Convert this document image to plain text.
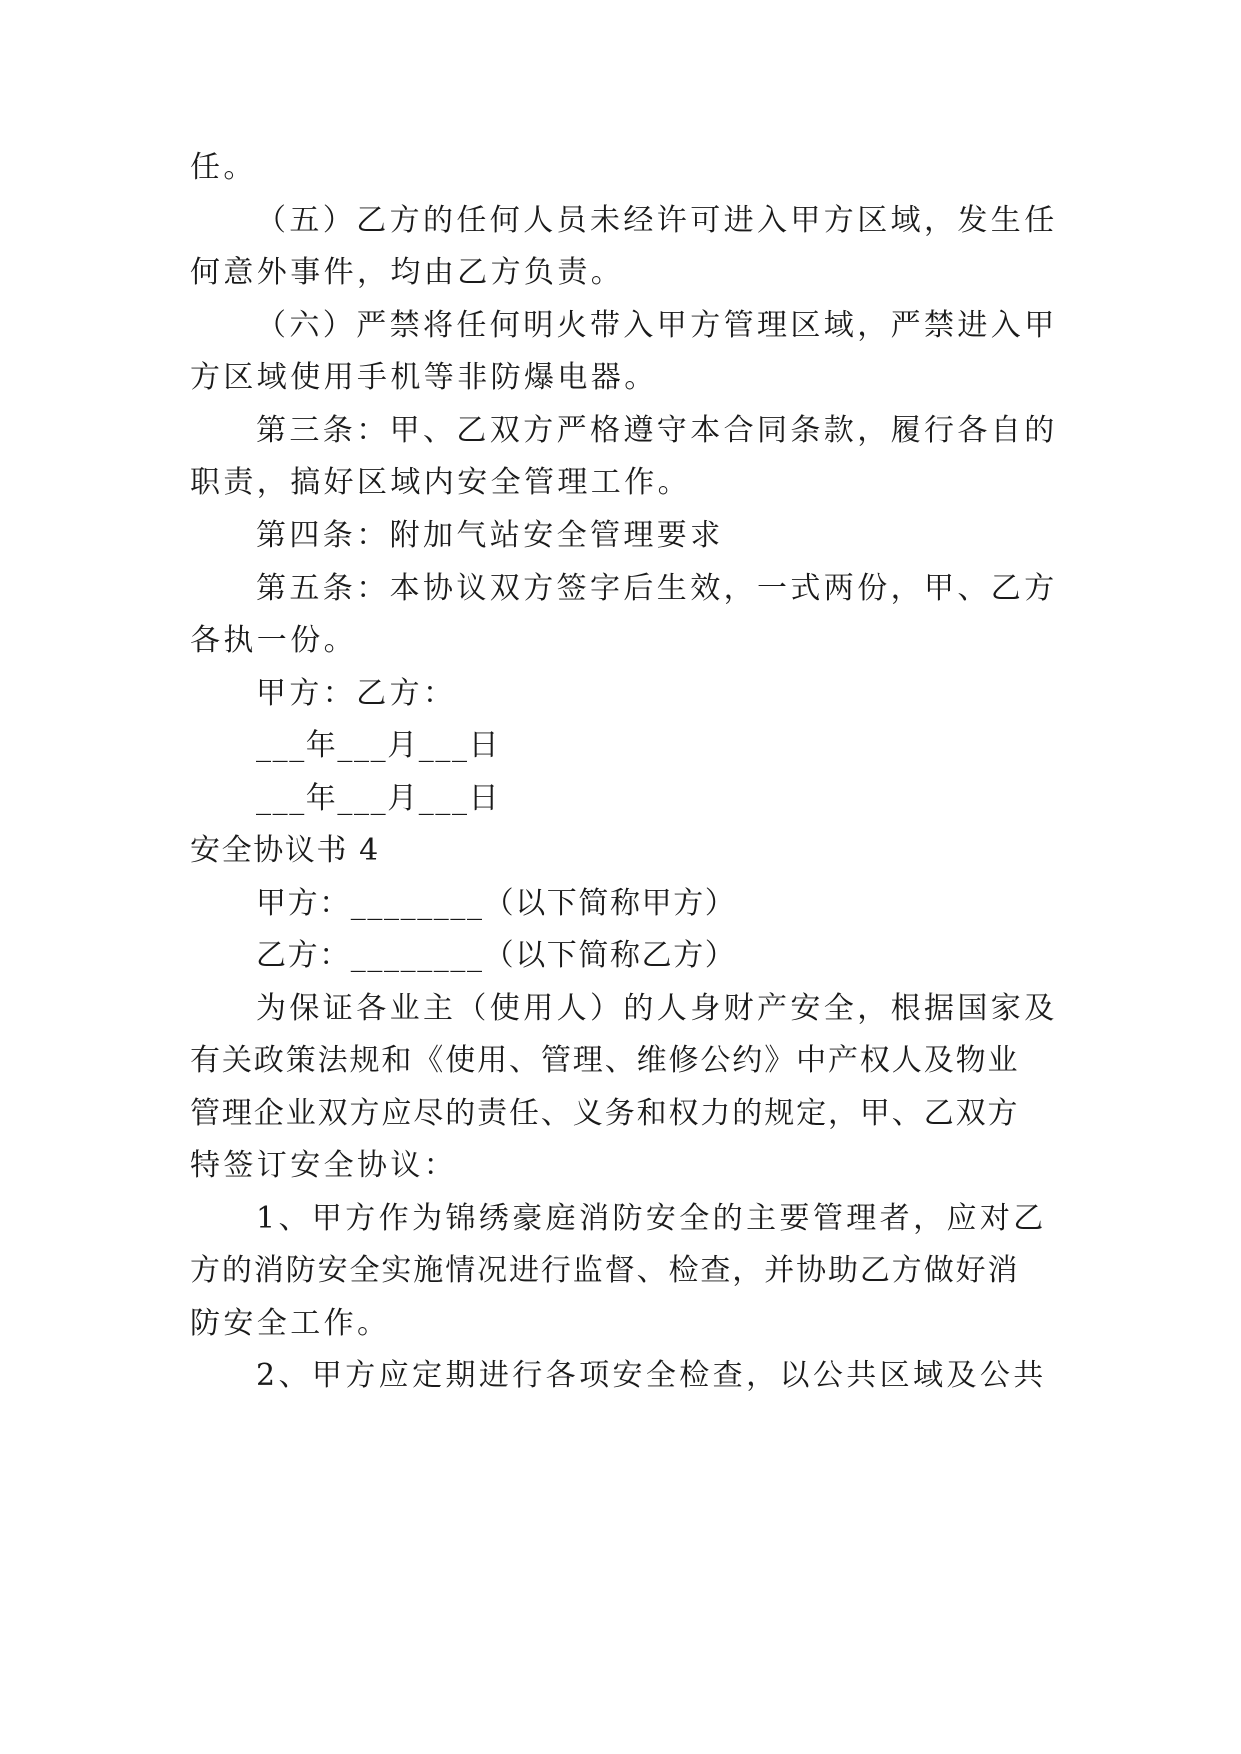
任。
（五）乙方的任何人员未经许可进入甲方区域，发生任
何意外事件，均由乙方负责。
（六）严禁将任何明火带入甲方管理区域，严禁进入甲
方区域使用手机等非防爆电器。
第三条：甲、乙双方严格遵守本合同条款，履行各自的
职责，搞好区域内安全管理工作。
第四条：附加气站安全管理要求
第五条：本协议双方签字后生效，一式两份，甲、乙方
各执一份。
甲方：乙方：
___年___月___日
___年___月___日
安全协议书 4
甲方：________（以下简称甲方）
乙方：________（以下简称乙方）
为保证各业主（使用人）的人身财产安全，根据国家及
有关政策法规和《使用、管理、维修公约》中产权人及物业
管理企业双方应尽的责任、义务和权力的规定，甲、乙双方
特签订安全协议：
1、甲方作为锦绣豪庭消防安全的主要管理者，应对乙
方的消防安全实施情况进行监督、检查，并协助乙方做好消
防安全工作。
2、甲方应定期进行各项安全检查，以公共区域及公共
